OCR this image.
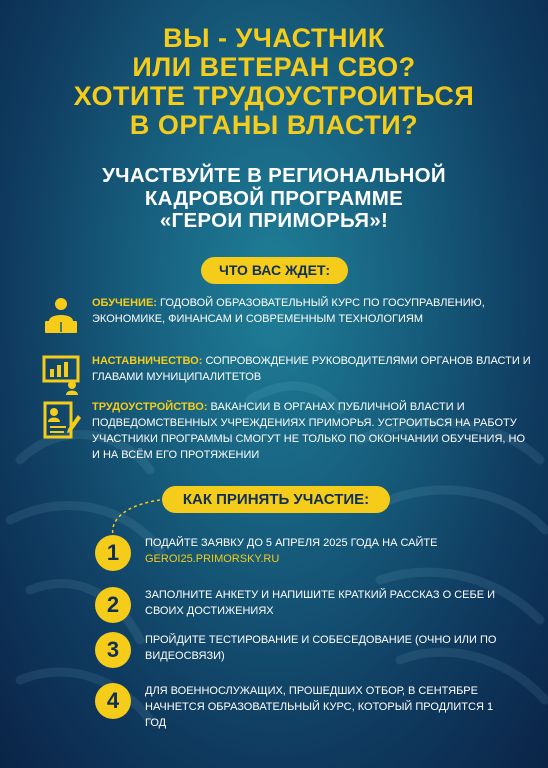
ВЫ - УЧАСТНИК
ИЛИ ВЕТЕРАН СВО?
ХОТИТЕ ТРУДОУСТРОИТЬСЯ
В ОРГАНЫ ВЛАСТИ?
УЧАСТВУЙТЕ В РЕГИОНАЛЬНОЙ
КАДРОВОЙ ПРОГРАММЕ
«ГЕРОИ ПРИМОРЬЯ»!
ЧТО ВАС ЖДЕТ:
ОБУЧЕНИЕ: ГОДОВОЙ ОБРАЗОВАТЕЛЬНЫЙ КУРС ПО ГОСУПРАВЛЕНИЮ, ЭКОНОМИКЕ, ФИНАНСАМ И СОВРЕМЕННЫМ ТЕХНОЛОГИЯМ
НАСТАВНИЧЕСТВО: СОПРОВОЖДЕНИЕ РУКОВОДИТЕЛЯМИ ОРГАНОВ ВЛАСТИ И ГЛАВАМИ МУНИЦИПАЛИТЕТОВ
ТРУДОУСТРОЙСТВО: ВАКАНСИИ В ОРГАНАХ ПУБЛИЧНОЙ ВЛАСТИ И ПОДВЕДОМСТВЕННЫХ УЧРЕЖДЕНИЯХ ПРИМОРЬЯ. УСТРОИТЬСЯ НА РАБОТУ УЧАСТНИКИ ПРОГРАММЫ СМОГУТ НЕ ТОЛЬКО ПО ОКОНЧАНИИ ОБУЧЕНИЯ, НО И НА ВСЁМ ЕГО ПРОТЯЖЕНИИ
КАК ПРИНЯТЬ УЧАСТИЕ:
1	ПОДАЙТЕ ЗАЯВКУ ДО 5 АПРЕЛЯ 2025 ГОДА НА САЙТЕ GEROI25.PRIMORSKY.RU
2	ЗАПОЛНИТЕ АНКЕТУ И НАПИШИТЕ КРАТКИЙ РАССКАЗ О СЕБЕ И СВОИХ ДОСТИЖЕНИЯХ
3	ПРОЙДИТЕ ТЕСТИРОВАНИЕ И СОБЕСЕДОВАНИЕ (ОЧНО ИЛИ ПО ВИДЕОСВЯЗИ)
4	ДЛЯ ВОЕННОСЛУЖАЩИХ, ПРОШЕДШИХ ОТБОР, В СЕНТЯБРЕ НАЧНЕТСЯ ОБРАЗОВАТЕЛЬНЫЙ КУРС, КОТОРЫЙ ПРОДЛИТСЯ 1 ГОД
